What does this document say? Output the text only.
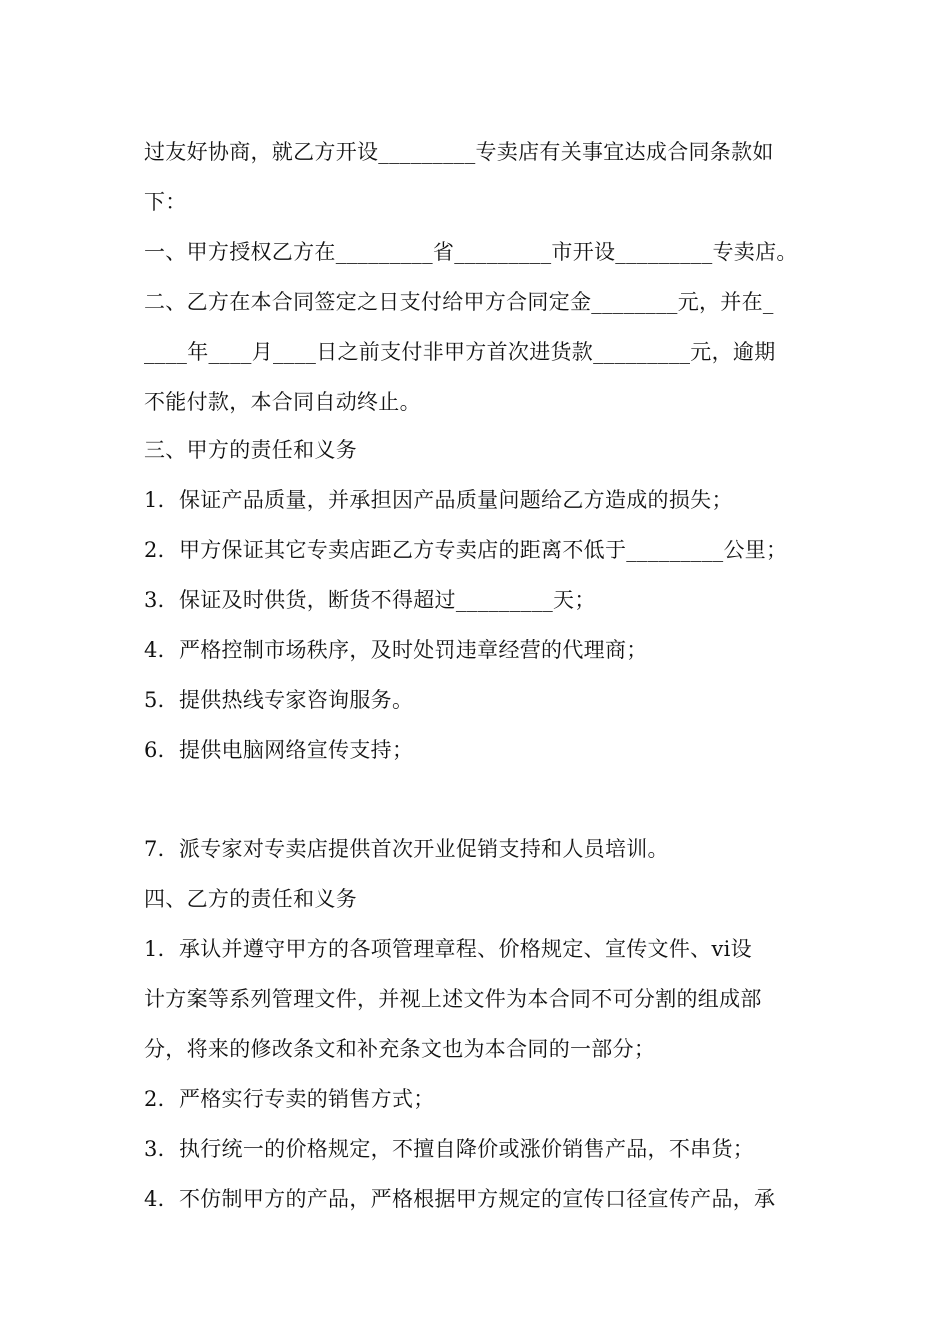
过友好协商，就乙方开设_________专卖店有关事宜达成合同条款如
下：
一、甲方授权乙方在_________省_________市开设_________专卖店。
二、乙方在本合同签定之日支付给甲方合同定金________元，并在_
____年____月____日之前支付非甲方首次进货款_________元，逾期
不能付款，本合同自动终止。
三、甲方的责任和义务
1．保证产品质量，并承担因产品质量问题给乙方造成的损失；
2．甲方保证其它专卖店距乙方专卖店的距离不低于_________公里；
3．保证及时供货，断货不得超过_________天；
4．严格控制市场秩序，及时处罚违章经营的代理商；
5．提供热线专家咨询服务。
6．提供电脑网络宣传支持；
7．派专家对专卖店提供首次开业促销支持和人员培训。
四、乙方的责任和义务
1．承认并遵守甲方的各项管理章程、价格规定、宣传文件、vi设
计方案等系列管理文件，并视上述文件为本合同不可分割的组成部
分，将来的修改条文和补充条文也为本合同的一部分；
2．严格实行专卖的销售方式；
3．执行统一的价格规定，不擅自降价或涨价销售产品，不串货；
4．不仿制甲方的产品，严格根据甲方规定的宣传口径宣传产品，承
